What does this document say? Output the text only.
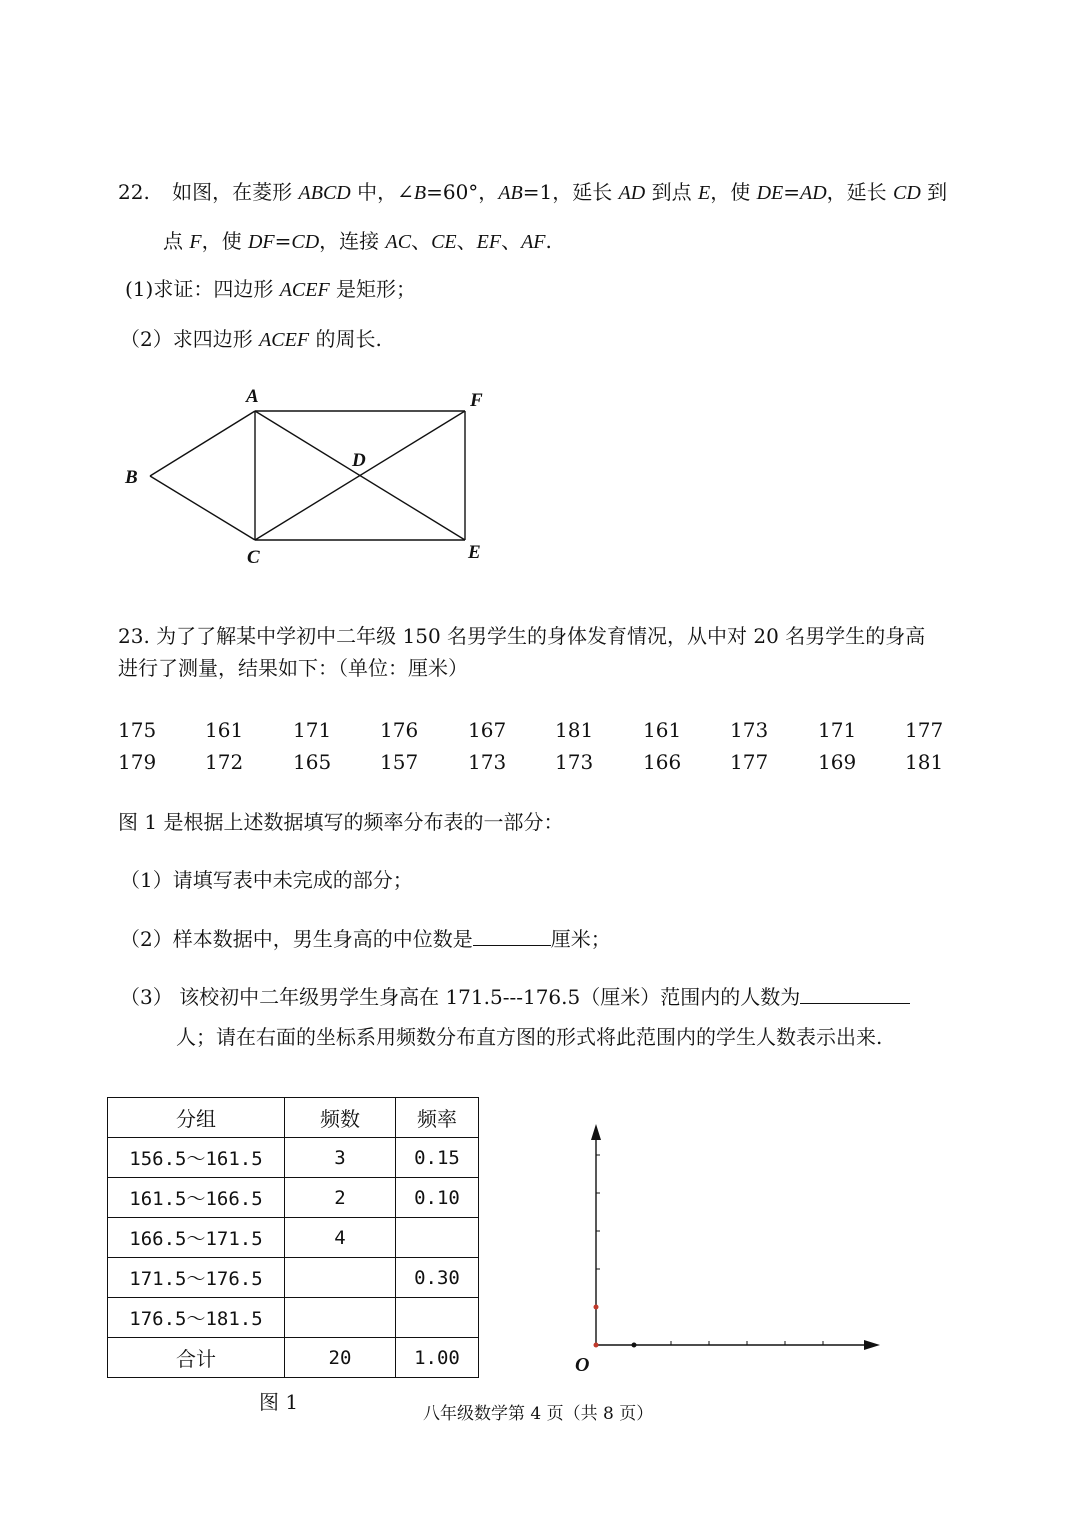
22. 如图，在菱形 ABCD 中，∠B=60°，AB=1，延长 AD 到点 E，使 DE=AD，延长 CD 到
点 F，使 DF=CD，连接 AC、CE、EF、AF.
(1)求证：四边形 ACEF 是矩形；
（2）求四边形 ACEF 的周长.
A
B
C
D
E
F
23. 为了了解某中学初中二年级 150 名男学生的身体发育情况，从中对 20 名男学生的身高
进行了测量，结果如下：（单位：厘米）
175 161 171 176 167 181 161 173 171 177
179 172 165 157 173 173 166 177 169 181
图 1 是根据上述数据填写的频率分布表的一部分：
（1）请填写表中未完成的部分；
（2）样本数据中，男生身高的中位数是	厘米；
（3） 该校初中二年级男学生身高在 171.5---176.5（厘米）范围内的人数为
人；请在右面的坐标系用频数分布直方图的形式将此范围内的学生人数表示出来.
分组	频数	频率
156.5～161.5	3	0.15
161.5～166.5	2	0.10
166.5～171.5	4	
171.5～176.5		0.30
176.5～181.5		
合计	20	1.00
图 1
O
八年级数学第 4 页（共 8 页）
